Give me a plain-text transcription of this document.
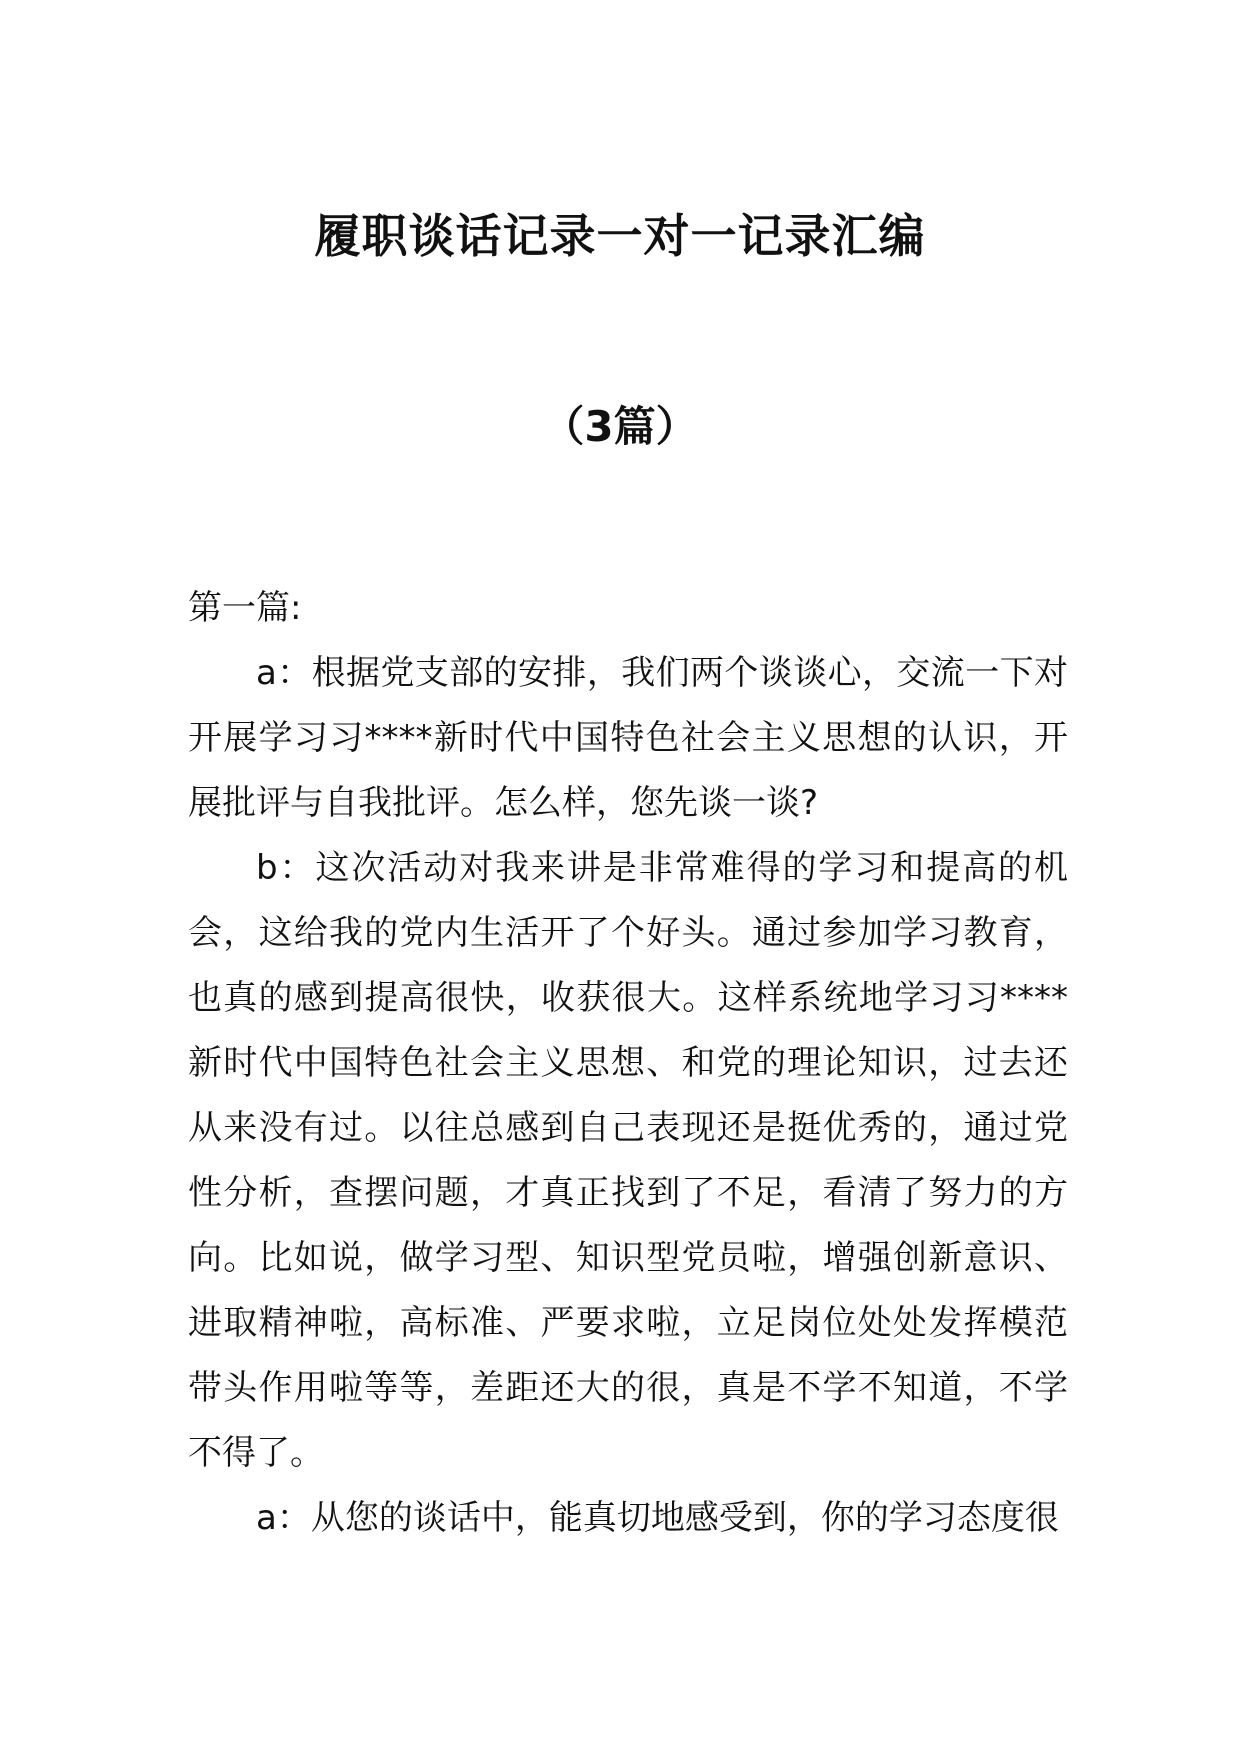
履职谈话记录一对一记录汇编
（3篇）

第一篇:

a：根据党支部的安排，我们两个谈谈心，交流一下对开展学习习****新时代中国特色社会主义思想的认识，开展批评与自我批评。怎么样，您先谈一谈?

b：这次活动对我来讲是非常难得的学习和提高的机会，这给我的党内生活开了个好头。通过参加学习教育，也真的感到提高很快，收获很大。这样系统地学习习****新时代中国特色社会主义思想、和党的理论知识，过去还从来没有过。以往总感到自己表现还是挺优秀的，通过党性分析，查摆问题，才真正找到了不足，看清了努力的方向。比如说，做学习型、知识型党员啦，增强创新意识、进取精神啦，高标准、严要求啦，立足岗位处处发挥模范带头作用啦等等，差距还大的很，真是不学不知道，不学不得了。

a：从您的谈话中，能真切地感受到，你的学习态度很
